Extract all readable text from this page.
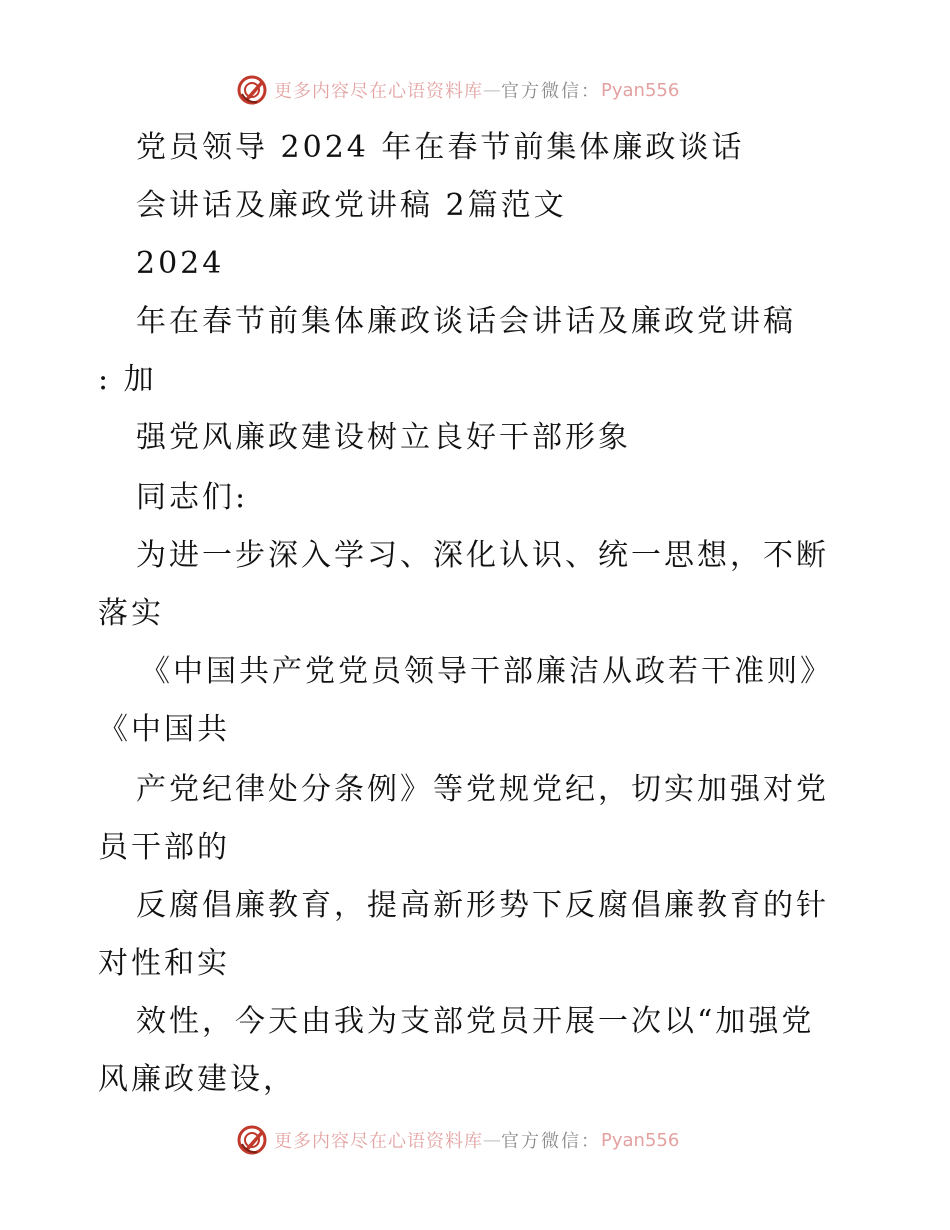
更多内容尽在心语资料库 — 官方微信： Pyan556
党员领导 2024 年在春节前集体廉政谈话
会讲话及廉政党讲稿 2篇范文
2024
年在春节前集体廉政谈话会讲话及廉政党讲稿
: 加
强党风廉政建设树立良好干部形象
同志们:
为进一步深入学习、深化认识、统一思想，不断
落实
《中国共产党党员领导干部廉洁从政若干准则》
《中国共
产党纪律处分条例》等党规党纪，切实加强对党
员干部的
反腐倡廉教育，提高新形势下反腐倡廉教育的针
对性和实
效性，今天由我为支部党员开展一次以“加强党
风廉政建设，
更多内容尽在心语资料库 — 官方微信： Pyan556
